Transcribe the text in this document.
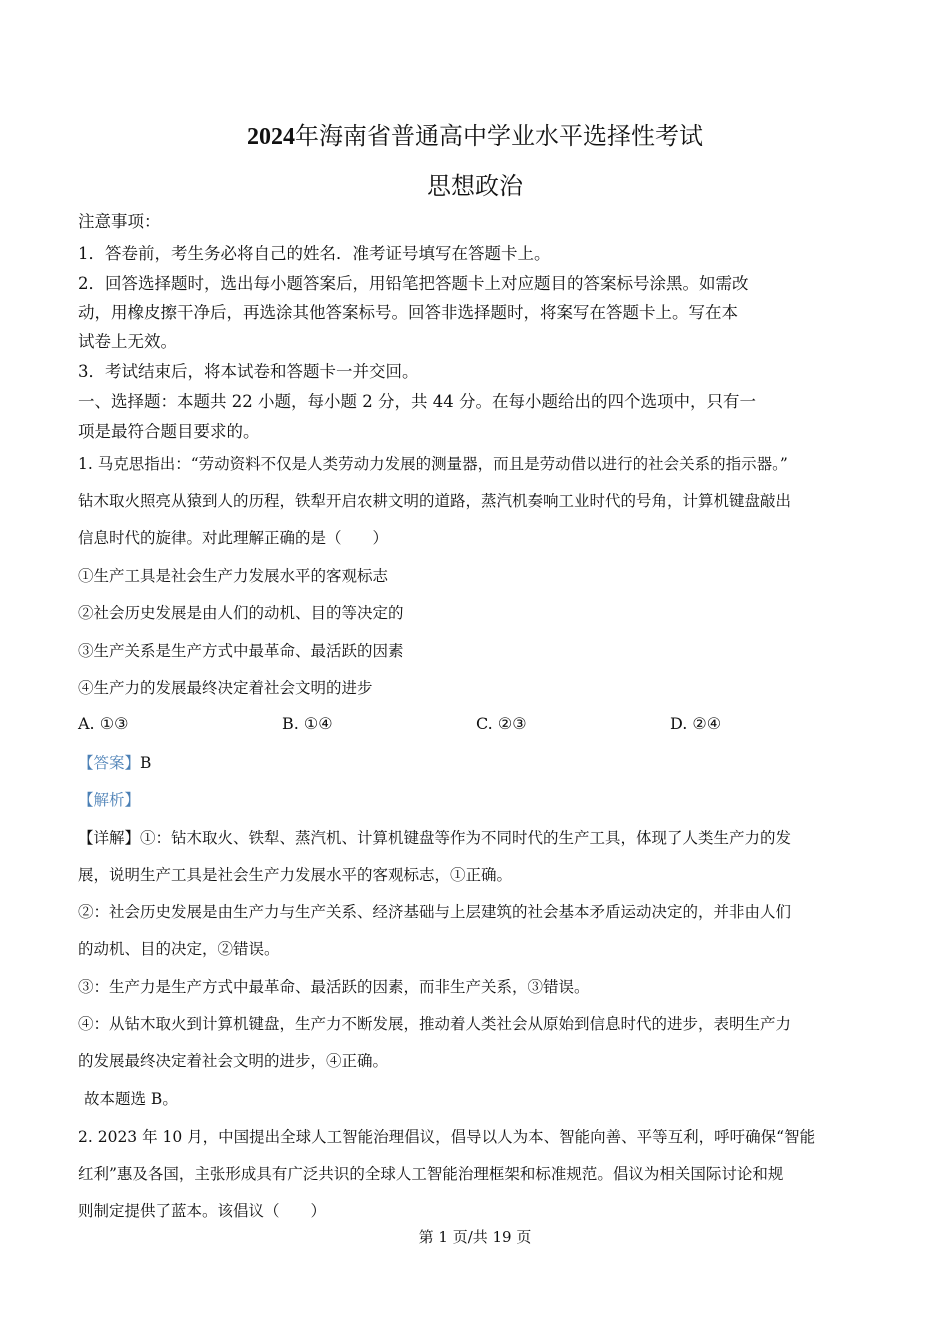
2024年海南省普通高中学业水平选择性考试
思想政治
注意事项：
1．答卷前，考生务必将自己的姓名．准考证号填写在答题卡上。
2．回答选择题时，选出每小题答案后，用铅笔把答题卡上对应题目的答案标号涂黑。如需改
动，用橡皮擦干净后，再选涂其他答案标号。回答非选择题时，将案写在答题卡上。写在本
试卷上无效。
3．考试结束后，将本试卷和答题卡一并交回。
一、选择题：本题共 22 小题，每小题 2 分，共 44 分。在每小题给出的四个选项中，只有一
项是最符合题目要求的。
1. 马克思指出：“劳动资料不仅是人类劳动力发展的测量器，而且是劳动借以进行的社会关系的指示器。”
钻木取火照亮从猿到人的历程，铁犁开启农耕文明的道路，蒸汽机奏响工业时代的号角，计算机键盘敲出
信息时代的旋律。对此理解正确的是（　　）
①生产工具是社会生产力发展水平的客观标志
②社会历史发展是由人们的动机、目的等决定的
③生产关系是生产方式中最革命、最活跃的因素
④生产力的发展最终决定着社会文明的进步
A. ①③	B. ①④	C. ②③	D. ②④
【答案】B
【解析】
【详解】①：钻木取火、铁犁、蒸汽机、计算机键盘等作为不同时代的生产工具，体现了人类生产力的发
展，说明生产工具是社会生产力发展水平的客观标志，①正确。
②：社会历史发展是由生产力与生产关系、经济基础与上层建筑的社会基本矛盾运动决定的，并非由人们
的动机、目的决定，②错误。
③：生产力是生产方式中最革命、最活跃的因素，而非生产关系，③错误。
④：从钻木取火到计算机键盘，生产力不断发展，推动着人类社会从原始到信息时代的进步，表明生产力
的发展最终决定着社会文明的进步，④正确。
故本题选 B。
2. 2023 年 10 月，中国提出全球人工智能治理倡议，倡导以人为本、智能向善、平等互利，呼吁确保“智能
红利”惠及各国，主张形成具有广泛共识的全球人工智能治理框架和标准规范。倡议为相关国际讨论和规
则制定提供了蓝本。该倡议（　　）
第 1 页/共 19 页
